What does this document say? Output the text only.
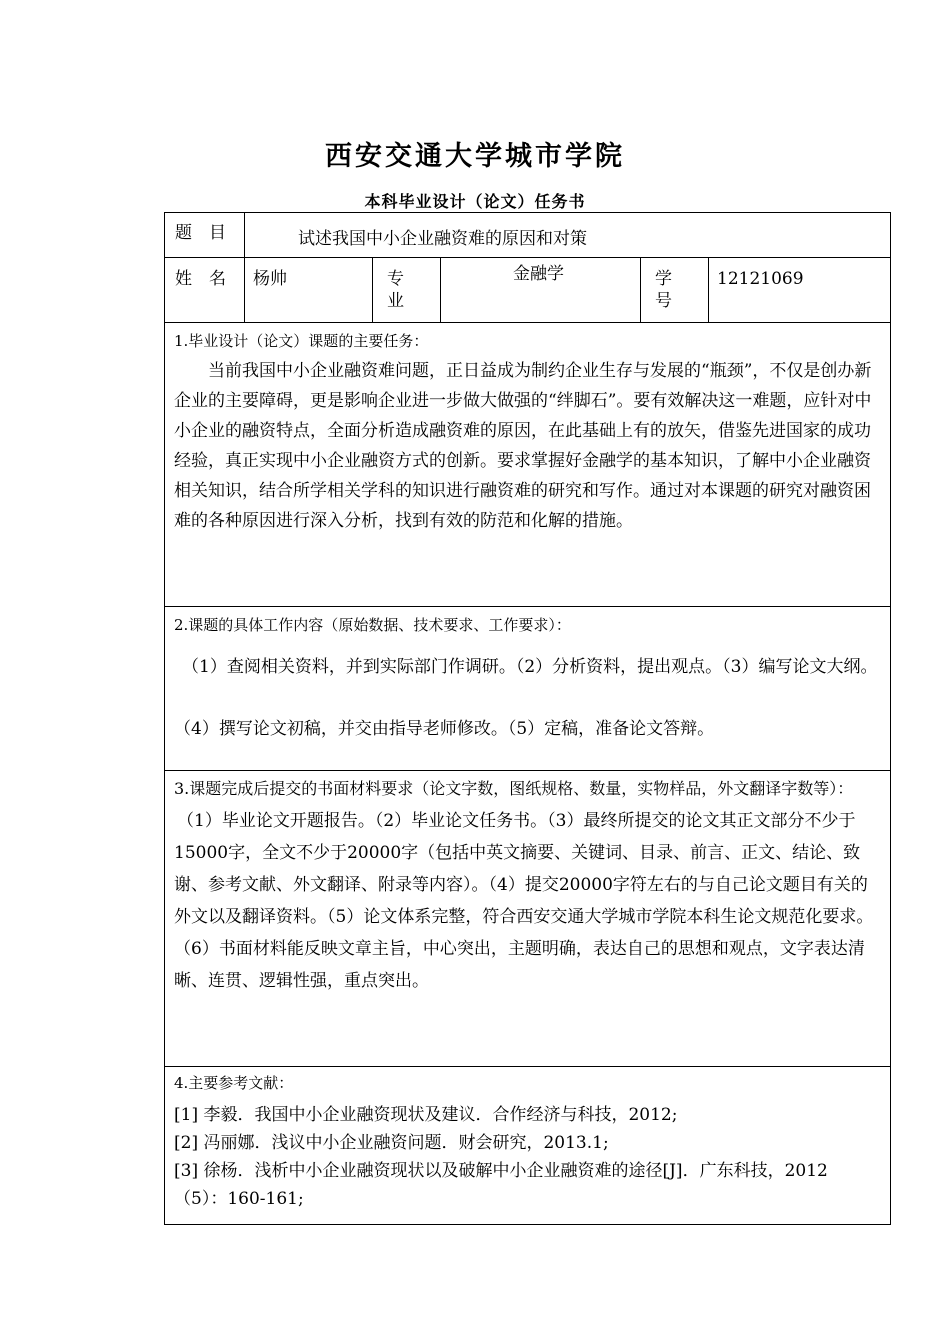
西安交通大学城市学院
本科毕业设计（论文）任务书
题　目	试述我国中小企业融资难的原因和对策				

姓　名	杨帅	专 业	金融学	学 号	12121069

1.毕业设计（论文）课题的主要任务：
当前我国中小企业融资难问题，正日益成为制约企业生存与发展的“瓶颈”，不仅是创办新企业的主要障碍，更是影响企业进一步做大做强的“绊脚石”。要有效解决这一难题，应针对中小企业的融资特点，全面分析造成融资难的原因，在此基础上有的放矢，借鉴先进国家的成功经验，真正实现中小企业融资方式的创新。要求掌握好金融学的基本知识，了解中小企业融资相关知识，结合所学相关学科的知识进行融资难的研究和写作。通过对本课题的研究对融资困难的各种原因进行深入分析，找到有效的防范和化解的措施。					

2.课题的具体工作内容（原始数据、技术要求、工作要求）：
（1）查阅相关资料，并到实际部门作调研。（2）分析资料，提出观点。（3）编写论文大纲。（4）撰写论文初稿，并交由指导老师修改。（5）定稿，准备论文答辩。					

3.课题完成后提交的书面材料要求（论文字数，图纸规格、数量，实物样品，外文翻译字数等）：
（1）毕业论文开题报告。（2）毕业论文任务书。（3）最终所提交的论文其正文部分不少于15000字，全文不少于20000字（包括中英文摘要、关键词、目录、前言、正文、结论、致谢、参考文献、外文翻译、附录等内容）。（4）提交20000字符左右的与自己论文题目有关的外文以及翻译资料。（5）论文体系完整，符合西安交通大学城市学院本科生论文规范化要求。（6）书面材料能反映文章主旨，中心突出，主题明确，表达自己的思想和观点，文字表达清晰、连贯、逻辑性强，重点突出。					

4.主要参考文献：
[1] 李毅．我国中小企业融资现状及建议．合作经济与科技，2012;
[2] 冯丽娜．浅议中小企业融资问题．财会研究，2013.1;
[3] 徐杨．浅析中小企业融资现状以及破解中小企业融资难的途径[J]．广东科技，2012（5）：160-161;					
